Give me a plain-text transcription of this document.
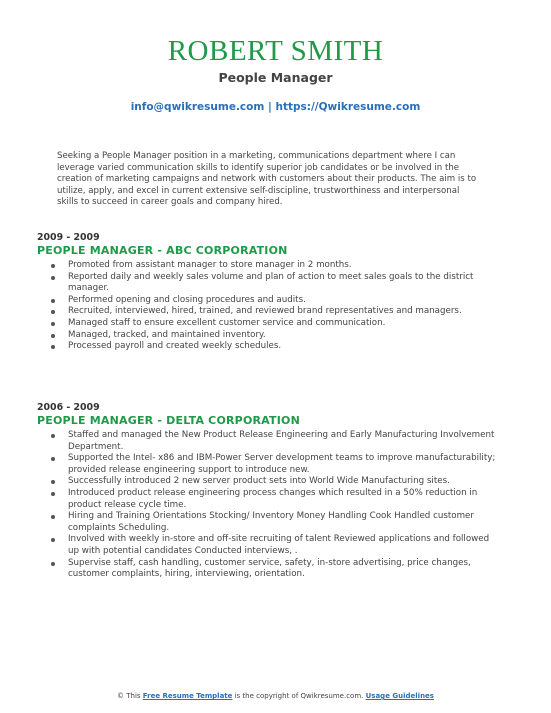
ROBERT SMITH
People Manager
info@qwikresume.com | https://Qwikresume.com
Seeking a People Manager position in a marketing, communications department where I can leverage varied communication skills to identify superior job candidates or be involved in the creation of marketing campaigns and network with customers about their products. The aim is to utilize, apply, and excel in current extensive self-discipline, trustworthiness and interpersonal skills to succeed in career goals and company hired.
2009 - 2009
PEOPLE MANAGER - ABC CORPORATION
Promoted from assistant manager to store manager in 2 months.
Reported daily and weekly sales volume and plan of action to meet sales goals to the district manager.
Performed opening and closing procedures and audits.
Recruited, interviewed, hired, trained, and reviewed brand representatives and managers.
Managed staff to ensure excellent customer service and communication.
Managed, tracked, and maintained inventory.
Processed payroll and created weekly schedules.
2006 - 2009
PEOPLE MANAGER - DELTA CORPORATION
Staffed and managed the New Product Release Engineering and Early Manufacturing Involvement Department.
Supported the Intel- x86 and IBM-Power Server development teams to improve manufacturability; provided release engineering support to introduce new.
Successfully introduced 2 new server product sets into World Wide Manufacturing sites.
Introduced product release engineering process changes which resulted in a 50% reduction in product release cycle time.
Hiring and Training Orientations Stocking/ Inventory Money Handling Cook Handled customer complaints Scheduling.
Involved with weekly in-store and off-site recruiting of talent Reviewed applications and followed up with potential candidates Conducted interviews, .
Supervise staff, cash handling, customer service, safety, in-store advertising, price changes, customer complaints, hiring, interviewing, orientation.
© This Free Resume Template is the copyright of Qwikresume.com. Usage Guidelines
